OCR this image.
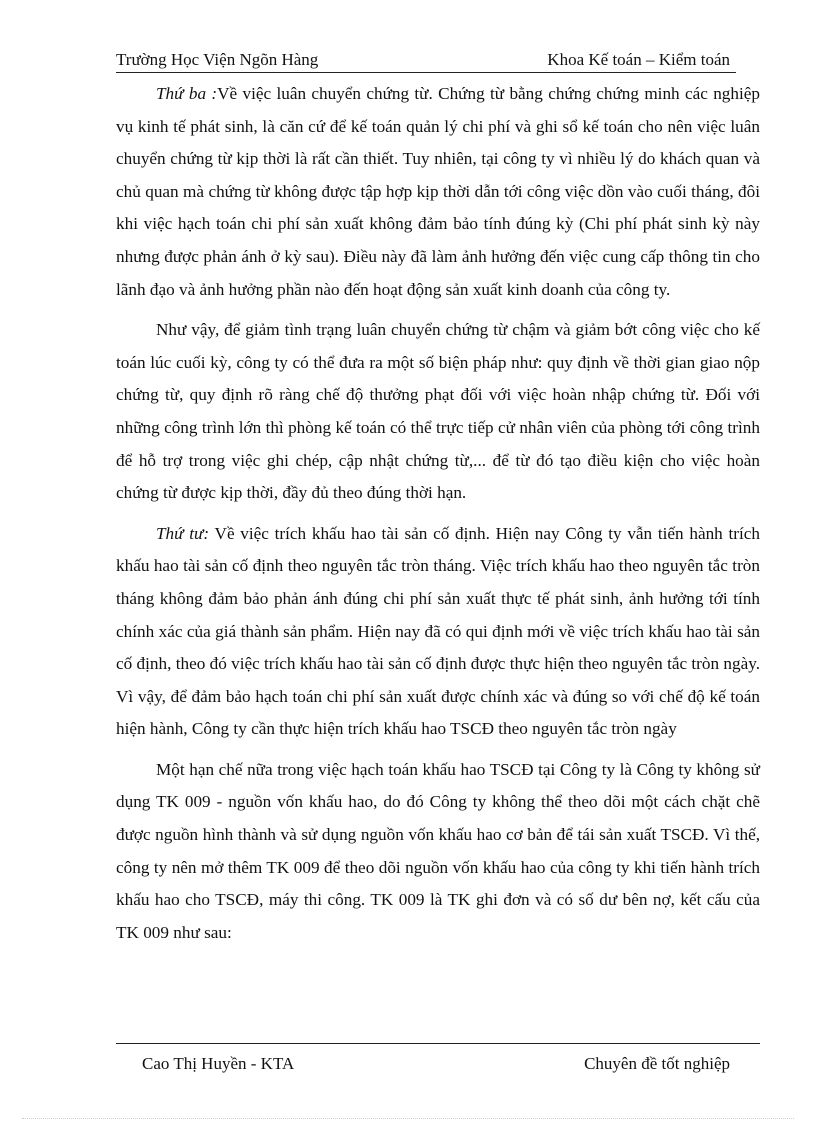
Trường Học Viện Ngõn Hàng	Khoa Kế toán – Kiểm toán

Thứ ba :Về việc luân chuyển chứng từ. Chứng từ bằng chứng chứng minh các nghiệp vụ kinh tế phát sinh, là căn cứ để kế toán quản lý chi phí và ghi sổ kế toán cho nên việc luân chuyển chứng từ kịp thời là rất cần thiết. Tuy nhiên, tại công ty vì nhiều lý do khách quan và chủ quan mà chứng từ không được tập hợp kịp thời dẫn tới công việc dồn vào cuối tháng, đôi khi việc hạch toán chi phí sản xuất không đảm bảo tính đúng kỳ (Chi phí phát sinh kỳ này nhưng được phản ánh ở kỳ sau). Điều này đã làm ảnh hưởng đến việc cung cấp thông tin cho lãnh đạo và ảnh hưởng phần nào đến hoạt động sản xuất kinh doanh của công ty.

Như vậy, để giảm tình trạng luân chuyển chứng từ chậm và giảm bớt công việc cho kế toán lúc cuối kỳ, công ty có thể đưa ra một số biện pháp như: quy định về thời gian giao nộp chứng từ, quy định rõ ràng chế độ thưởng phạt đối với việc hoàn nhập chứng từ. Đối với những công trình lớn thì phòng kế toán có thể trực tiếp cử nhân viên của phòng tới công trình để hỗ trợ trong việc ghi chép, cập nhật chứng từ,... để từ đó tạo điều kiện cho việc hoàn chứng từ được kịp thời, đầy đủ theo đúng thời hạn.

Thứ tư: Về việc trích khấu hao tài sản cố định. Hiện nay Công ty vẫn tiến hành trích khấu hao tài sản cố định theo nguyên tắc tròn tháng. Việc trích khấu hao theo nguyên tắc tròn tháng không đảm bảo phản ánh đúng chi phí sản xuất thực tế phát sinh, ảnh hưởng tới tính chính xác của giá thành sản phẩm. Hiện nay đã có qui định mới về việc trích khấu hao tài sản cố định, theo đó việc trích khấu hao tài sản cố định được thực hiện theo nguyên tắc tròn ngày. Vì vậy, để đảm bảo hạch toán chi phí sản xuất được chính xác và đúng so với chế độ kế toán hiện hành, Công ty cần thực hiện trích khấu hao TSCĐ theo nguyên tắc tròn ngày

Một hạn chế nữa trong việc hạch toán khấu hao TSCĐ tại Công ty là Công ty không sử dụng TK 009 - nguồn vốn khấu hao, do đó Công ty không thể theo dõi một cách chặt chẽ được nguồn hình thành và sử dụng nguồn vốn khấu hao cơ bản để tái sản xuất TSCĐ. Vì thế, công ty nên mở thêm TK 009 để theo dõi nguồn vốn khấu hao của công ty khi tiến hành trích khấu hao cho TSCĐ, máy thi công. TK 009 là TK ghi đơn và có số dư bên nợ, kết cấu của TK 009 như sau:

Cao Thị Huyền - KTA	Chuyên đề tốt nghiệp
